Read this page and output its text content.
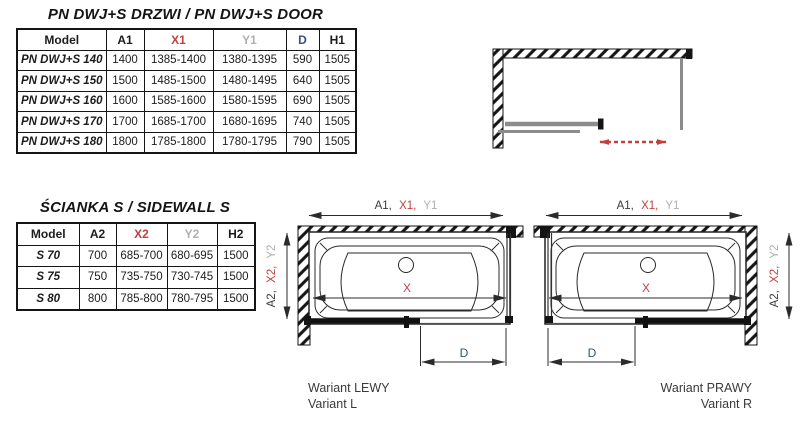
PN DWJ+S DRZWI / PN DWJ+S DOOR
Model	A1	X1	Y1	D	H1
PN DWJ+S 140	1400	1385-1400	1380-1395	590	1505
PN DWJ+S 150	1500	1485-1500	1480-1495	640	1505
PN DWJ+S 160	1600	1585-1600	1580-1595	690	1505
PN DWJ+S 170	1700	1685-1700	1680-1695	740	1505
PN DWJ+S 180	1800	1785-1800	1780-1795	790	1505
ŚCIANKA S / SIDEWALL S
Model	A2	X2	Y2	H2
S 70	700	685-700	680-695	1500
S 75	750	735-750	730-745	1500
S 80	800	785-800	780-795	1500
A1, X1, Y1
A2, X2, Y2
X
D
A1, X1, Y1
A2, X2, Y2
X
D
Wariant LEWY
Variant L
Wariant PRAWY
Variant R
